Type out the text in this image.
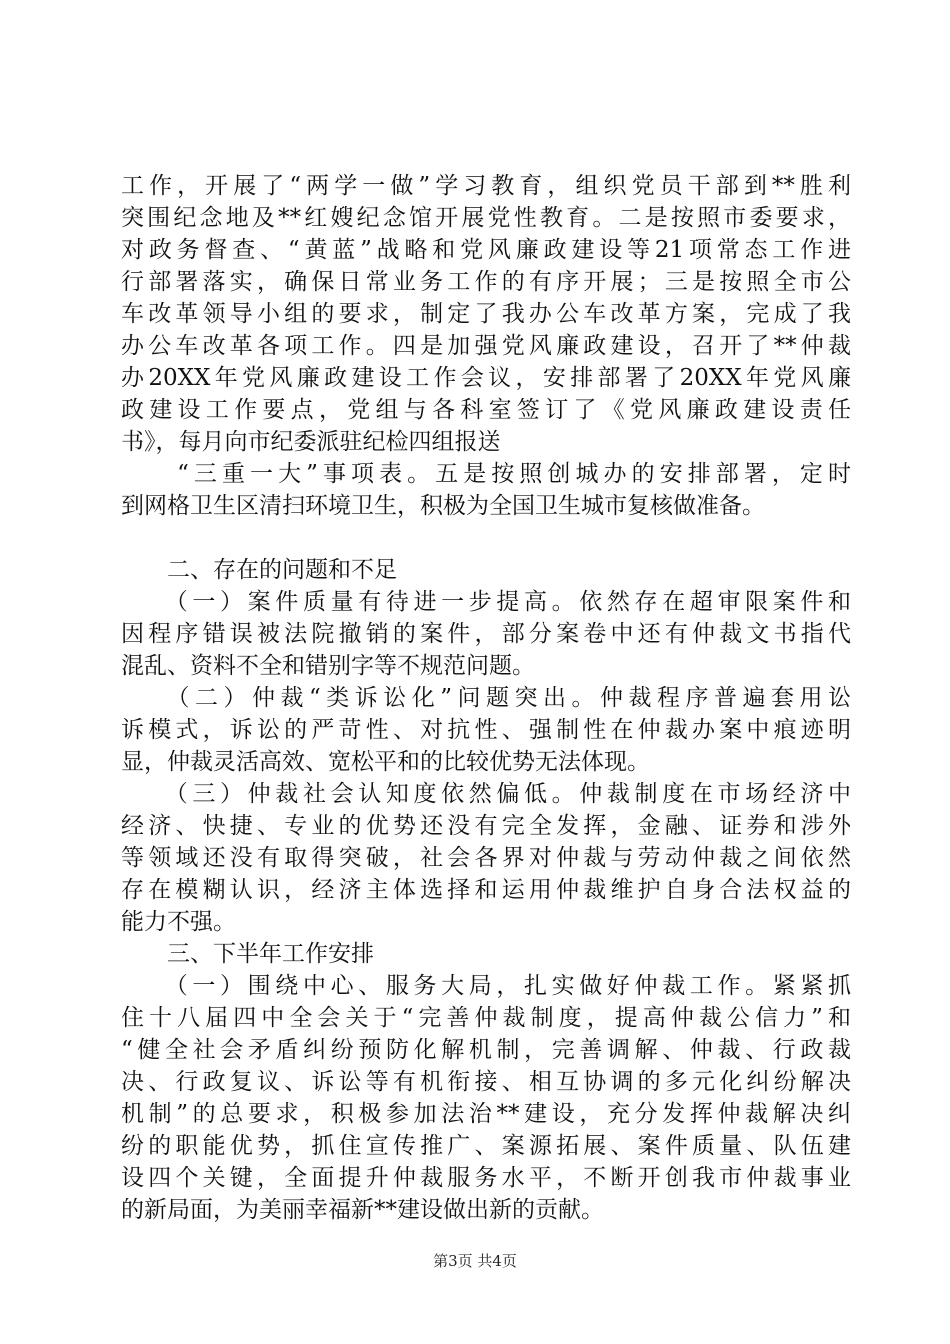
工作，开展了“两学一做”学习教育，组织党员干部到**胜利
突围纪念地及**红嫂纪念馆开展党性教育。二是按照市委要求，
对政务督查、“黄蓝”战略和党风廉政建设等21项常态工作进
行部署落实，确保日常业务工作的有序开展；三是按照全市公
车改革领导小组的要求，制定了我办公车改革方案，完成了我
办公车改革各项工作。四是加强党风廉政建设，召开了**仲裁
办20XX年党风廉政建设工作会议，安排部署了20XX年党风廉
政建设工作要点，党组与各科室签订了《党风廉政建设责任
书》，每月向市纪委派驻纪检四组报送
　　“三重一大”事项表。五是按照创城办的安排部署，定时
到网格卫生区清扫环境卫生，积极为全国卫生城市复核做准备。
　　二、存在的问题和不足
　　（一）案件质量有待进一步提高。依然存在超审限案件和
因程序错误被法院撤销的案件，部分案卷中还有仲裁文书指代
混乱、资料不全和错别字等不规范问题。
　　（二）仲裁“类诉讼化”问题突出。仲裁程序普遍套用讼
诉模式，诉讼的严苛性、对抗性、强制性在仲裁办案中痕迹明
显，仲裁灵活高效、宽松平和的比较优势无法体现。
　　（三）仲裁社会认知度依然偏低。仲裁制度在市场经济中
经济、快捷、专业的优势还没有完全发挥，金融、证券和涉外
等领域还没有取得突破，社会各界对仲裁与劳动仲裁之间依然
存在模糊认识，经济主体选择和运用仲裁维护自身合法权益的
能力不强。
　　三、下半年工作安排
　　（一）围绕中心、服务大局，扎实做好仲裁工作。紧紧抓
住十八届四中全会关于“完善仲裁制度，提高仲裁公信力”和
“健全社会矛盾纠纷预防化解机制，完善调解、仲裁、行政裁
决、行政复议、诉讼等有机衔接、相互协调的多元化纠纷解决
机制”的总要求，积极参加法治**建设，充分发挥仲裁解决纠
纷的职能优势，抓住宣传推广、案源拓展、案件质量、队伍建
设四个关键，全面提升仲裁服务水平，不断开创我市仲裁事业
的新局面，为美丽幸福新**建设做出新的贡献。
第3页 共4页
